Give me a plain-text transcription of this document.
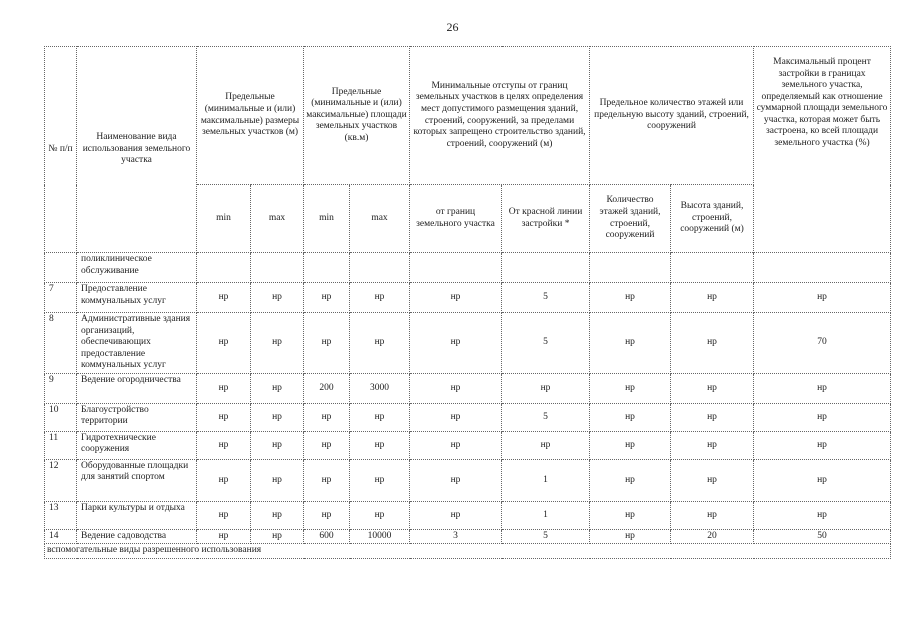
26
№ п/п	Наименование вида использования земельного участка	Предельные (минимальные и (или) максимальные) размеры земельных участков (м)		Предельные (минимальные и (или) максимальные) площади земельных участков (кв.м)		Минимальные отступы от границ земельных участков в целях определения мест допустимого размещения зданий, строений, сооружений, за пределами которых запрещено строительство зданий, строений, сооружений (м)		Предельное количество этажей или предельную высоту зданий, строений, сооружений		Максимальный процент застройки в границах земельного участка, определяемый как отношение суммарной площади земельного участка, которая может быть застроена, ко всей площади земельного участка (%)
		min	max	min	max	от границ земельного участка	От красной линии застройки *	Количество этажей зданий, строений, сооружений	Высота зданий, строений, сооружений (м)	
	поликлиническое обслуживание									
7	Предоставление коммунальных услуг	нр	нр	нр	нр	нр	5	нр	нр	нр
8	Административные здания организаций, обеспечивающих предоставление коммунальных услуг	нр	нр	нр	нр	нр	5	нр	нр	70
9	Ведение огородничества	нр	нр	200	3000	нр	нр	нр	нр	нр
10	Благоустройство территории	нр	нр	нр	нр	нр	5	нр	нр	нр
11	Гидротехнические сооружения	нр	нр	нр	нр	нр	нр	нр	нр	нр
12	Оборудованные площадки для занятий спортом	нр	нр	нр	нр	нр	1	нр	нр	нр
13	Парки культуры и отдыха	нр	нр	нр	нр	нр	1	нр	нр	нр
14	Ведение садоводства	нр	нр	600	10000	3	5	нр	20	50
вспомогательные виды разрешенного использования										
